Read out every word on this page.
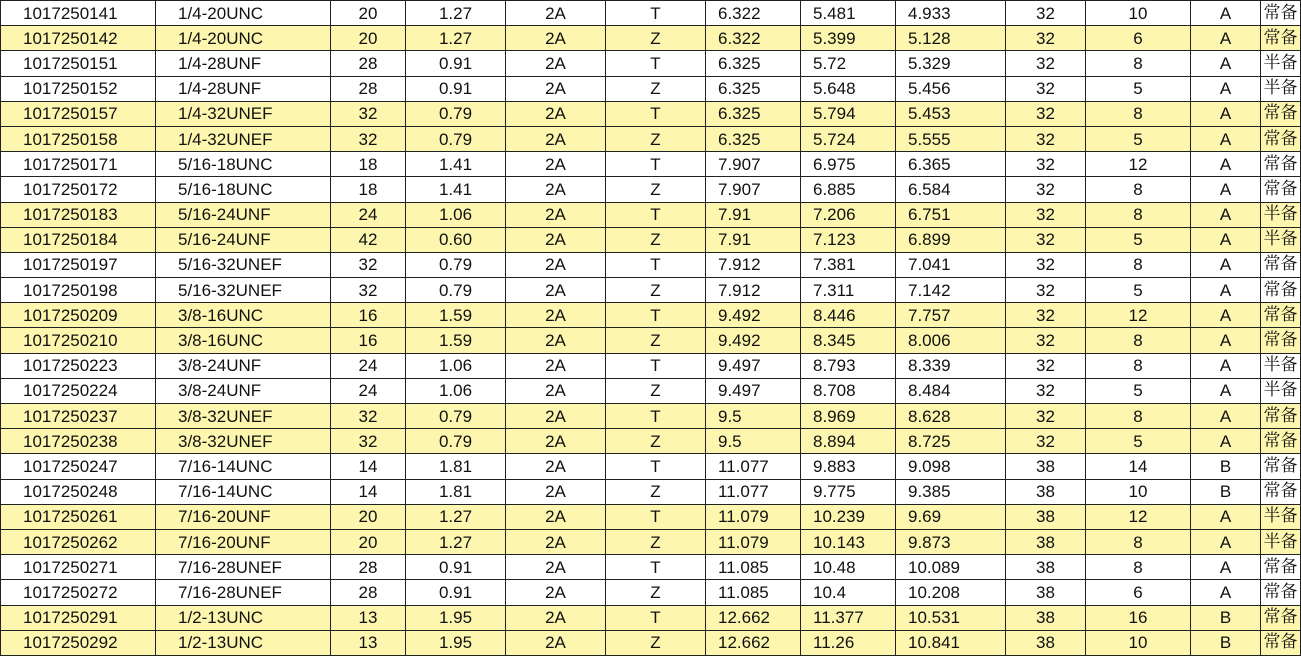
1017250141	1/4-20UNC	20	1.27	2A	T	6.322	5.481	4.933	32	10	A	常备
1017250142	1/4-20UNC	20	1.27	2A	Z	6.322	5.399	5.128	32	6	A	常备
1017250151	1/4-28UNF	28	0.91	2A	T	6.325	5.72	5.329	32	8	A	半备
1017250152	1/4-28UNF	28	0.91	2A	Z	6.325	5.648	5.456	32	5	A	半备
1017250157	1/4-32UNEF	32	0.79	2A	T	6.325	5.794	5.453	32	8	A	常备
1017250158	1/4-32UNEF	32	0.79	2A	Z	6.325	5.724	5.555	32	5	A	常备
1017250171	5/16-18UNC	18	1.41	2A	T	7.907	6.975	6.365	32	12	A	常备
1017250172	5/16-18UNC	18	1.41	2A	Z	7.907	6.885	6.584	32	8	A	常备
1017250183	5/16-24UNF	24	1.06	2A	T	7.91	7.206	6.751	32	8	A	半备
1017250184	5/16-24UNF	42	0.60	2A	Z	7.91	7.123	6.899	32	5	A	半备
1017250197	5/16-32UNEF	32	0.79	2A	T	7.912	7.381	7.041	32	8	A	常备
1017250198	5/16-32UNEF	32	0.79	2A	Z	7.912	7.311	7.142	32	5	A	常备
1017250209	3/8-16UNC	16	1.59	2A	T	9.492	8.446	7.757	32	12	A	常备
1017250210	3/8-16UNC	16	1.59	2A	Z	9.492	8.345	8.006	32	8	A	常备
1017250223	3/8-24UNF	24	1.06	2A	T	9.497	8.793	8.339	32	8	A	半备
1017250224	3/8-24UNF	24	1.06	2A	Z	9.497	8.708	8.484	32	5	A	半备
1017250237	3/8-32UNEF	32	0.79	2A	T	9.5	8.969	8.628	32	8	A	常备
1017250238	3/8-32UNEF	32	0.79	2A	Z	9.5	8.894	8.725	32	5	A	常备
1017250247	7/16-14UNC	14	1.81	2A	T	11.077	9.883	9.098	38	14	B	常备
1017250248	7/16-14UNC	14	1.81	2A	Z	11.077	9.775	9.385	38	10	B	常备
1017250261	7/16-20UNF	20	1.27	2A	T	11.079	10.239	9.69	38	12	A	半备
1017250262	7/16-20UNF	20	1.27	2A	Z	11.079	10.143	9.873	38	8	A	半备
1017250271	7/16-28UNEF	28	0.91	2A	T	11.085	10.48	10.089	38	8	A	常备
1017250272	7/16-28UNEF	28	0.91	2A	Z	11.085	10.4	10.208	38	6	A	常备
1017250291	1/2-13UNC	13	1.95	2A	T	12.662	11.377	10.531	38	16	B	常备
1017250292	1/2-13UNC	13	1.95	2A	Z	12.662	11.26	10.841	38	10	B	常备
